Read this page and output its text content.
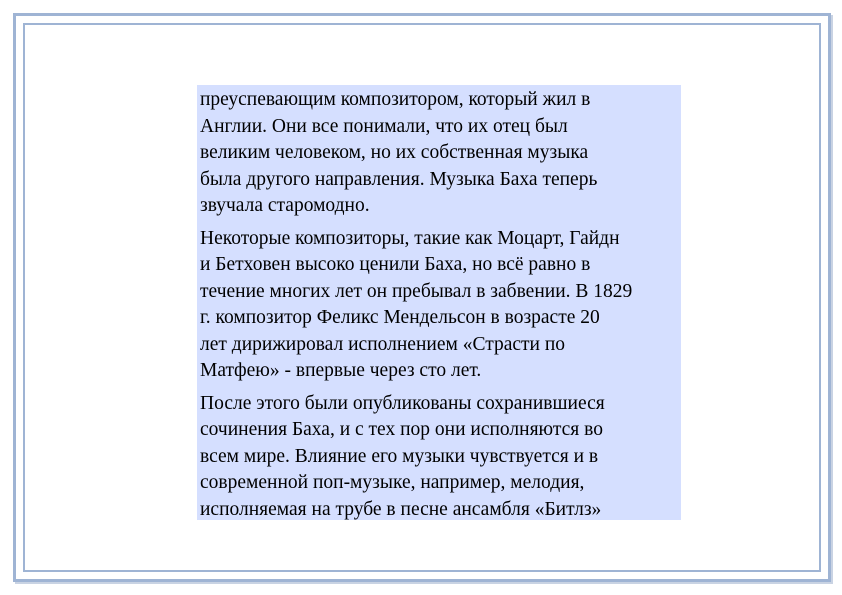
преуспевающим композитором, который жил в
Англии. Они все понимали, что их отец был
великим человеком, но их собственная музыка
была другого направления. Музыка Баха теперь
звучала старомодно.

Некоторые композиторы, такие как Моцарт, Гайдн
и Бетховен высоко ценили Баха, но всё равно в
течение многих лет он пребывал в забвении. В 1829
г. композитор Феликс Мендельсон в возрасте 20
лет дирижировал исполнением «Страсти по
Матфею» - впервые через сто лет.

После этого были опубликованы сохранившиеся
сочинения Баха, и с тех пор они исполняются во
всем мире. Влияние его музыки чувствуется и в
современной поп-музыке, например, мелодия,
исполняемая на трубе в песне ансамбля «Битлз»
